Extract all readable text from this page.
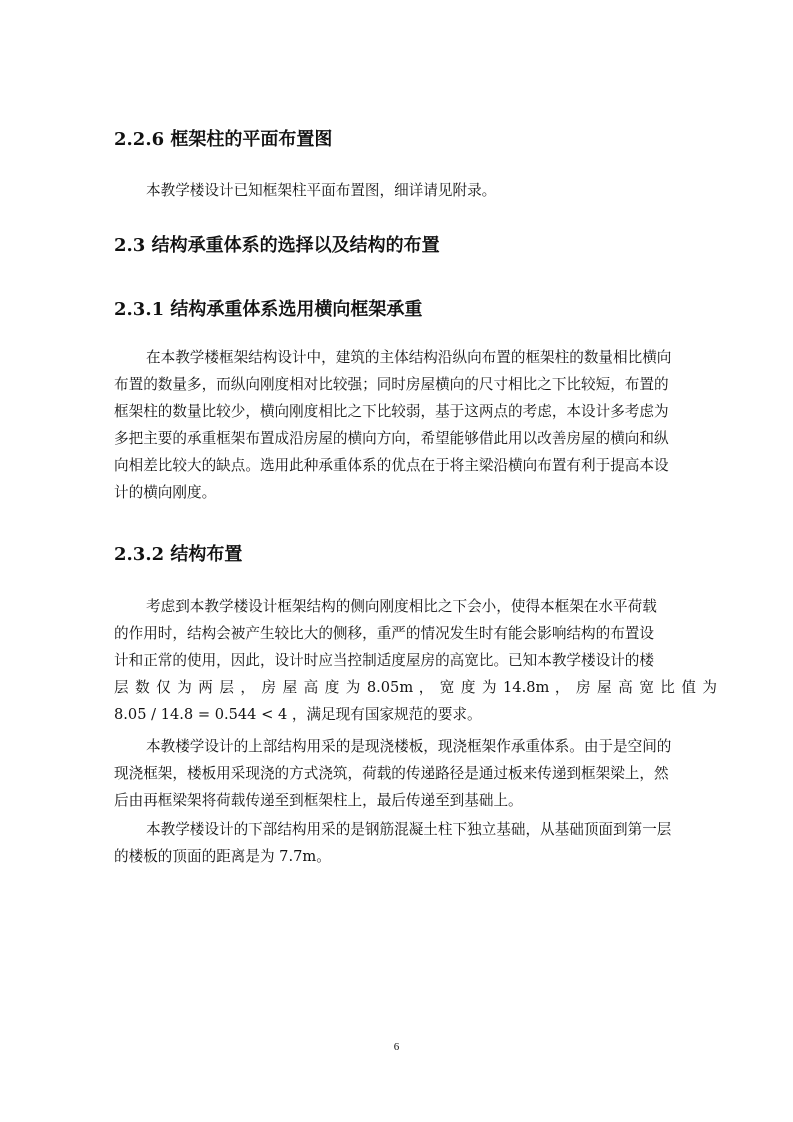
2.2.6 框架柱的平面布置图

本教学楼设计已知框架柱平面布置图，细详请见附录。

2.3 结构承重体系的选择以及结构的布置
2.3.1 结构承重体系选用横向框架承重

在本教学楼框架结构设计中，建筑的主体结构沿纵向布置的框架柱的数量相比横向
布置的数量多，而纵向刚度相对比较强；同时房屋横向的尺寸相比之下比较短，布置的
框架柱的数量比较少，横向刚度相比之下比较弱，基于这两点的考虑，本设计多考虑为
多把主要的承重框架布置成沿房屋的横向方向，希望能够借此用以改善房屋的横向和纵
向相差比较大的缺点。选用此种承重体系的优点在于将主梁沿横向布置有利于提高本设
计的横向刚度。

2.3.2 结构布置

考虑到本教学楼设计框架结构的侧向刚度相比之下会小，使得本框架在水平荷载
的作用时，结构会被产生较比大的侧移，重严的情况发生时有能会影响结构的布置设
计和正常的使用，因此，设计时应当控制适度屋房的高宽比。已知本教学楼设计的楼
层 数 仅 为 两 层 ， 房 屋 高 度 为 8.05m ， 宽 度 为 14.8m ， 房 屋 高 宽 比 值 为
8.05 / 14.8 = 0.544 < 4 ，满足现有国家规范的要求。

本教楼学设计的上部结构用采的是现浇楼板，现浇框架作承重体系。由于是空间的
现浇框架，楼板用采现浇的方式浇筑，荷载的传递路径是通过板来传递到框架梁上，然
后由再框梁架将荷载传递至到框架柱上，最后传递至到基础上。

本教学楼设计的下部结构用采的是钢筋混凝土柱下独立基础，从基础顶面到第一层
的楼板的顶面的距离是为 7.7m。

6
